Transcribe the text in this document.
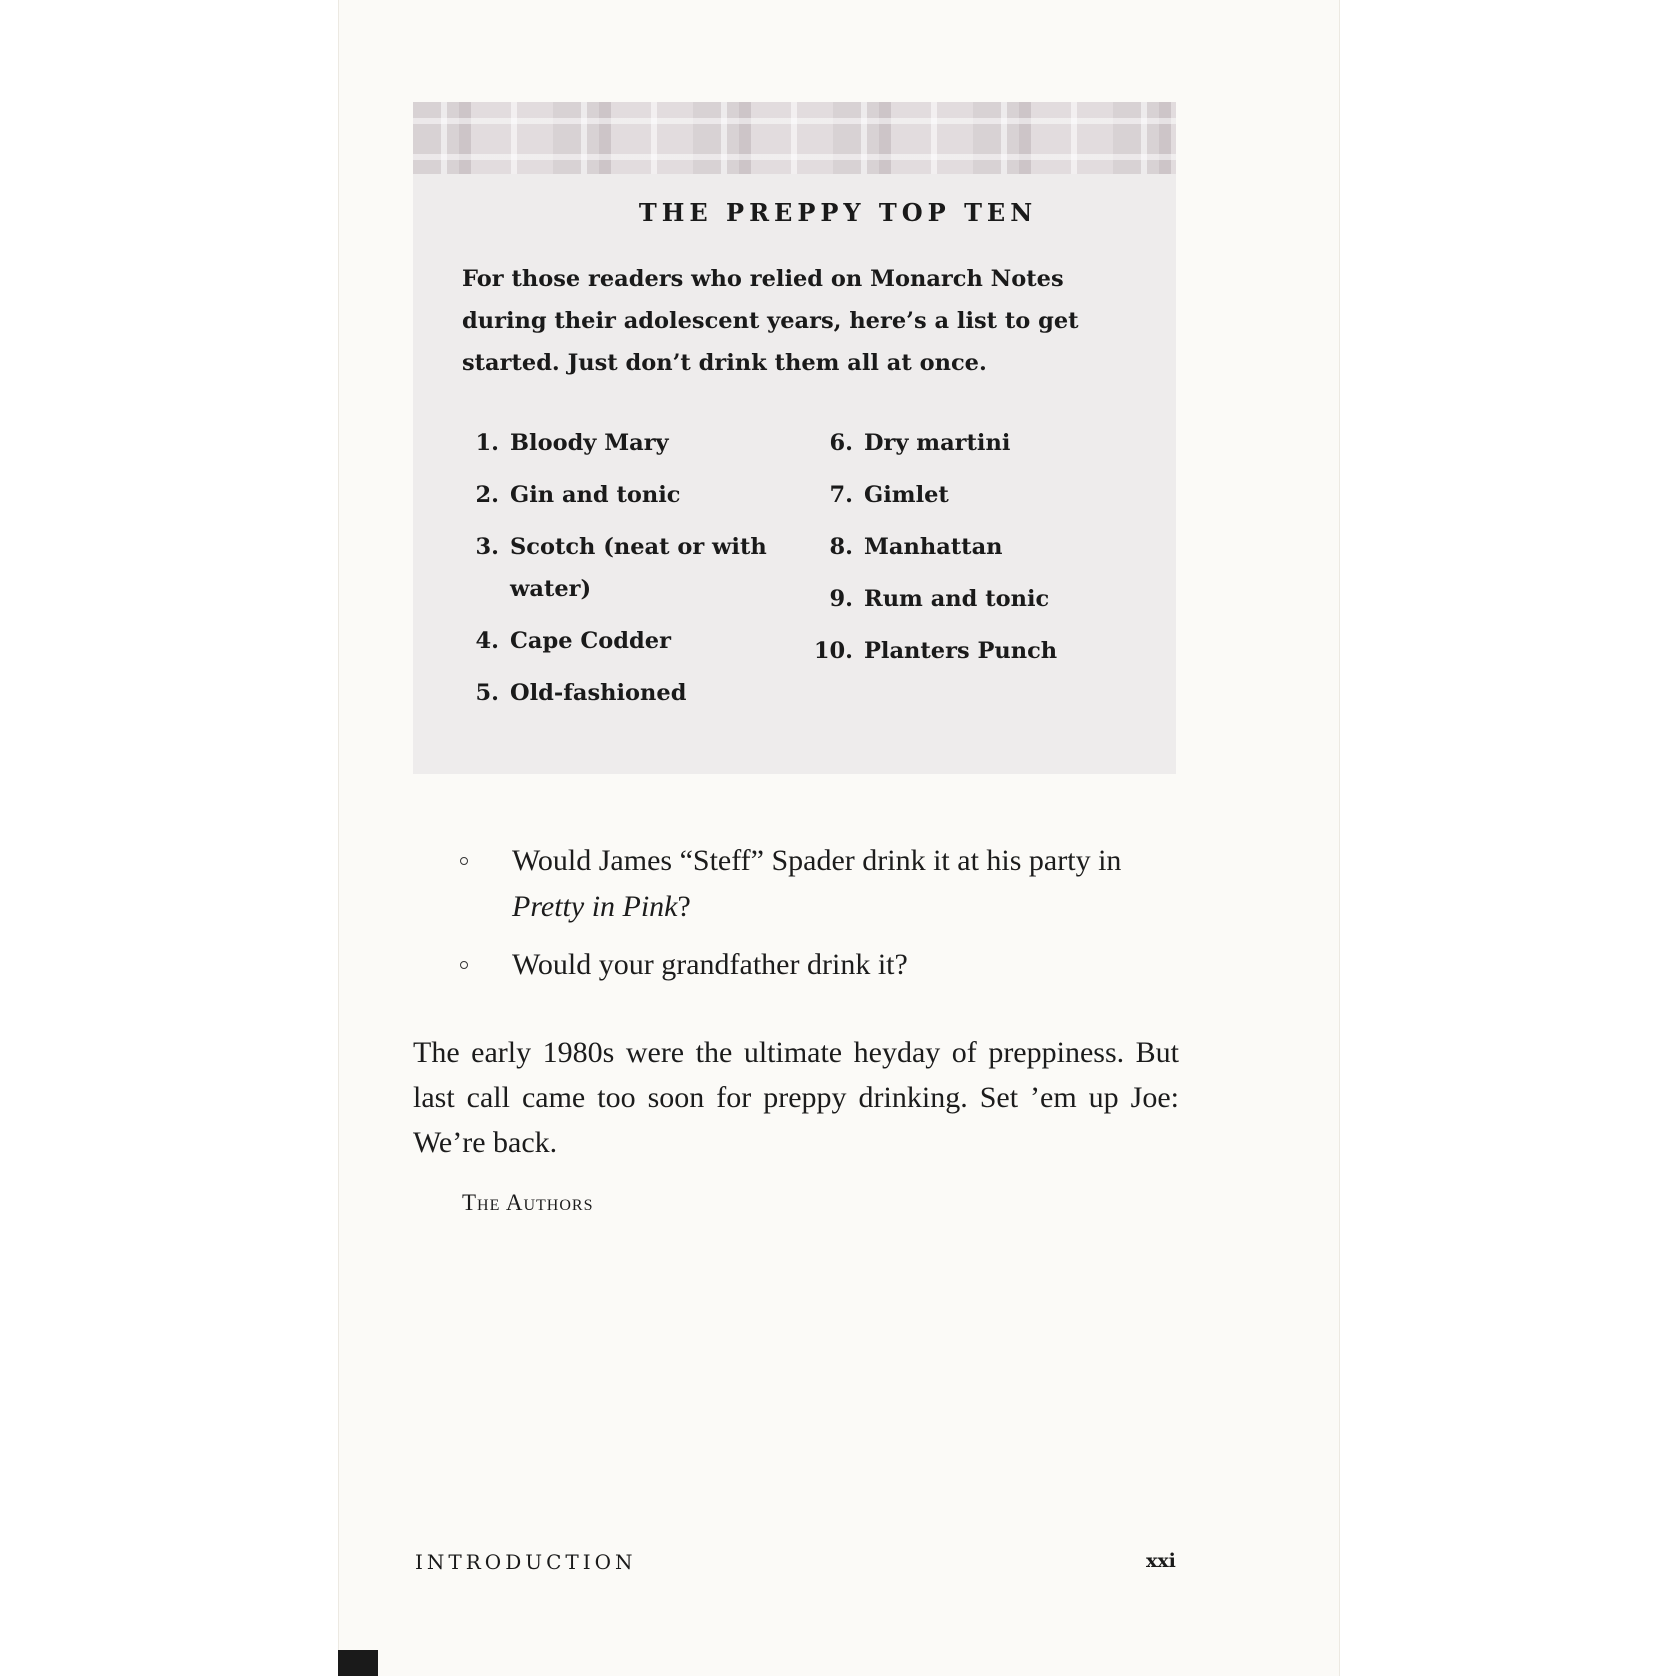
THE PREPPY TOP TEN
For those readers who relied on Monarch Notes during their adolescent years, here’s a list to get started. Just don’t drink them all at once.
1. Bloody Mary
2. Gin and tonic
3. Scotch (neat or with water)
4. Cape Codder
5. Old-fashioned
6. Dry martini
7. Gimlet
8. Manhattan
9. Rum and tonic
10. Planters Punch
Would James “Steff” Spader drink it at his party in Pretty in Pink?
Would your grandfather drink it?
The early 1980s were the ultimate heyday of preppiness. But last call came too soon for preppy drinking. Set ’em up Joe: We’re back.
The Authors
INTRODUCTION	xxi
